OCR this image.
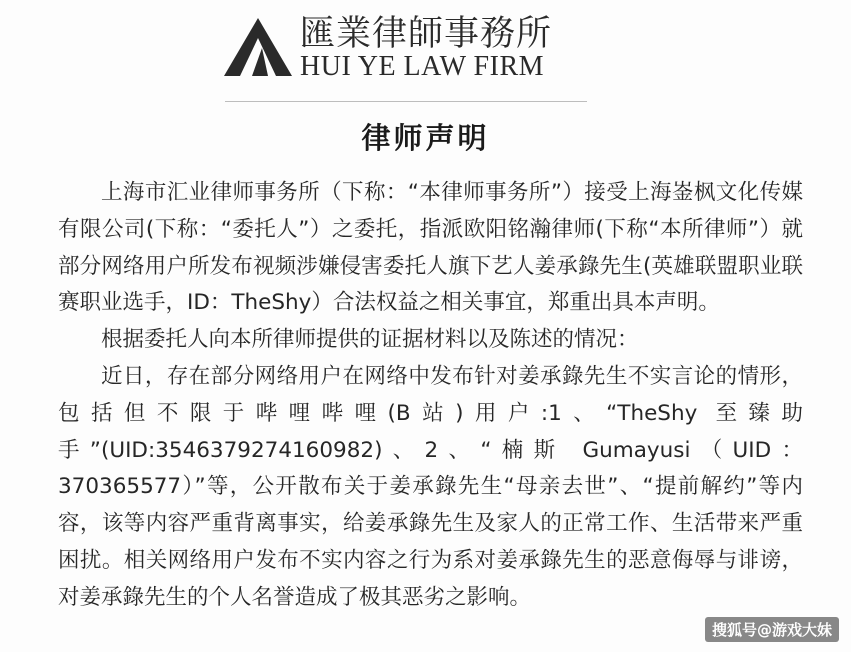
匯業律師事務所
HUI YE LAW FIRM
律师声明

上海市汇业律师事务所（下称：“本律师事务所”）接受上海崟枫文化传媒有限公司(下称：“委托人”）之委托，指派欧阳铭瀚律师(下称“本所律师”）就部分网络用户所发布视频涉嫌侵害委托人旗下艺人姜承錄先生(英雄联盟职业联赛职业选手，ID：TheShy）合法权益之相关事宜，郑重出具本声明。

根据委托人向本所律师提供的证据材料以及陈述的情况：

近日，存在部分网络用户在网络中发布针对姜承錄先生不实言论的情形，包括但不限于哔哩哔哩(B站)用户:1、“TheShy 至臻助手”(UID:3546379274160982)、2、“楠斯 Gumayusi（UID：370365577）”等，公开散布关于姜承錄先生“母亲去世”、“提前解约”等内容，该等内容严重背离事实，给姜承錄先生及家人的正常工作、生活带来严重困扰。相关网络用户发布不实内容之行为系对姜承錄先生的恶意侮辱与诽谤，对姜承錄先生的个人名誉造成了极其恶劣之影响。

搜狐号@游戏大妹
